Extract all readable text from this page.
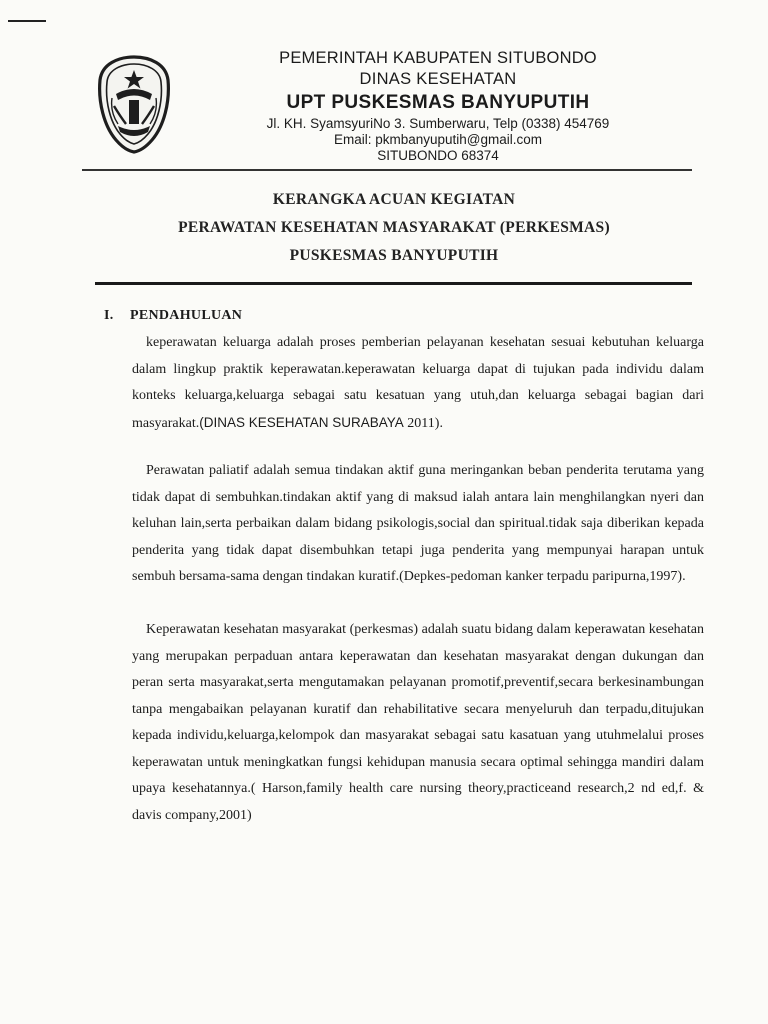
PEMERINTAH KABUPATEN SITUBONDO
DINAS KESEHATAN
UPT PUSKESMAS BANYUPUTIH
Jl. KH. SyamsyuriNo 3. Sumberwaru, Telp (0338) 454769
Email: pkmbanyuputih@gmail.com
SITUBONDO 68374
KERANGKA ACUAN KEGIATAN
PERAWATAN KESEHATAN MASYARAKAT (PERKESMAS)
PUSKESMAS BANYUPUTIH
I. PENDAHULUAN
keperawatan keluarga adalah proses pemberian pelayanan kesehatan sesuai kebutuhan keluarga dalam lingkup praktik keperawatan.keperawatan keluarga dapat di tujukan pada individu dalam konteks keluarga,keluarga sebagai satu kesatuan yang utuh,dan keluarga sebagai bagian dari masyarakat.(DINAS KESEHATAN SURABAYA 2011).
Perawatan paliatif adalah semua tindakan aktif guna meringankan beban penderita terutama yang tidak dapat di sembuhkan.tindakan aktif yang di maksud ialah antara lain menghilangkan nyeri dan keluhan lain,serta perbaikan dalam bidang psikologis,social dan spiritual.tidak saja diberikan kepada penderita yang tidak dapat disembuhkan tetapi juga penderita yang mempunyai harapan untuk sembuh bersama-sama dengan tindakan kuratif.(Depkes-pedoman kanker terpadu paripurna,1997).
Keperawatan kesehatan masyarakat (perkesmas) adalah suatu bidang dalam keperawatan kesehatan yang merupakan perpaduan antara keperawatan dan kesehatan masyarakat dengan dukungan dan peran serta masyarakat,serta mengutamakan pelayanan promotif,preventif,secara berkesinambungan tanpa mengabaikan pelayanan kuratif dan rehabilitative secara menyeluruh dan terpadu,ditujukan kepada individu,keluarga,kelompok dan masyarakat sebagai satu kasatuan yang utuhmelalui proses keperawatan untuk meningkatkan fungsi kehidupan manusia secara optimal sehingga mandiri dalam upaya kesehatannya.( Harson,family health care nursing theory,practiceand research,2 nd ed,f. & davis company,2001)
